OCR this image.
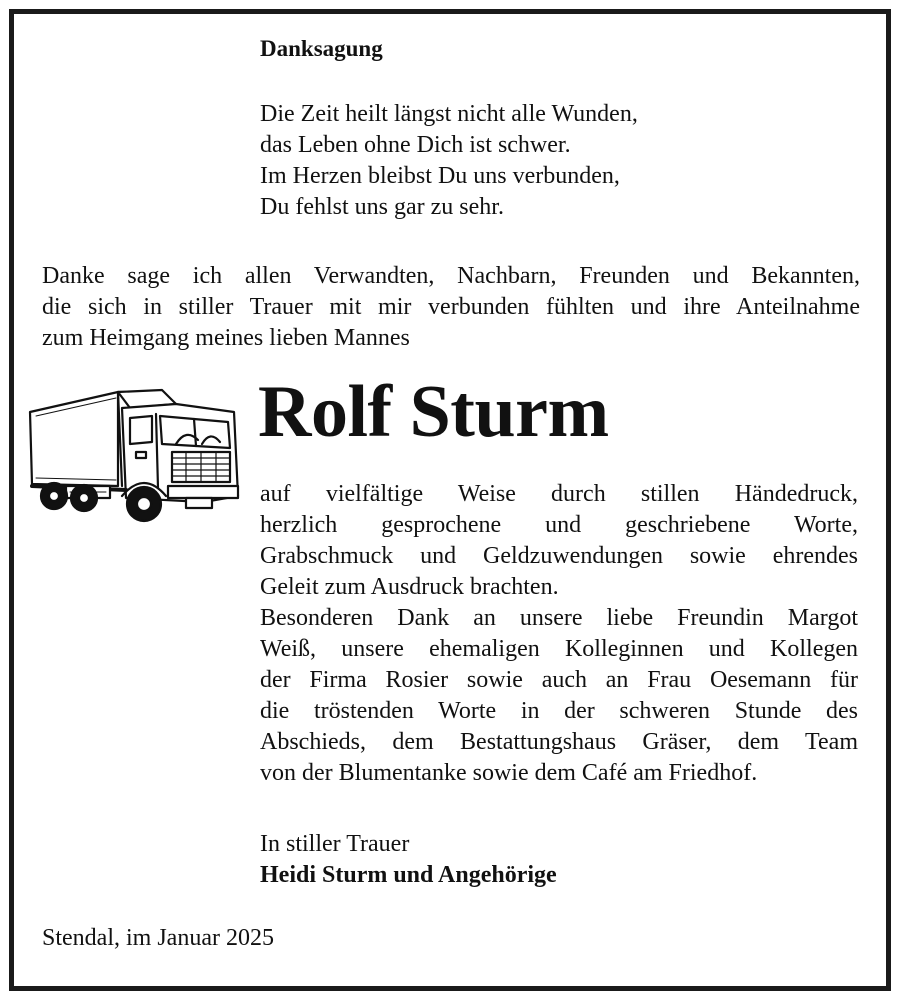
Danksagung
Die Zeit heilt längst nicht alle Wunden,
das Leben ohne Dich ist schwer.
Im Herzen bleibst Du uns verbunden,
Du fehlst uns gar zu sehr.
Danke sage ich allen Verwandten, Nachbarn, Freunden und Bekannten,
die sich in stiller Trauer mit mir verbunden fühlten und ihre Anteilnahme
zum Heimgang meines lieben Mannes
Rolf Sturm
auf vielfältige Weise durch stillen Händedruck,
herzlich gesprochene und geschriebene Worte,
Grabschmuck und Geldzuwendungen sowie ehrendes
Geleit zum Ausdruck brachten.
Besonderen Dank an unsere liebe Freundin Margot
Weiß, unsere ehemaligen Kolleginnen und Kollegen
der Firma Rosier sowie auch an Frau Oesemann für
die tröstenden Worte in der schweren Stunde des
Abschieds, dem Bestattungshaus Gräser, dem Team
von der Blumentanke sowie dem Café am Friedhof.
In stiller Trauer
Heidi Sturm und Angehörige
Stendal, im Januar 2025
